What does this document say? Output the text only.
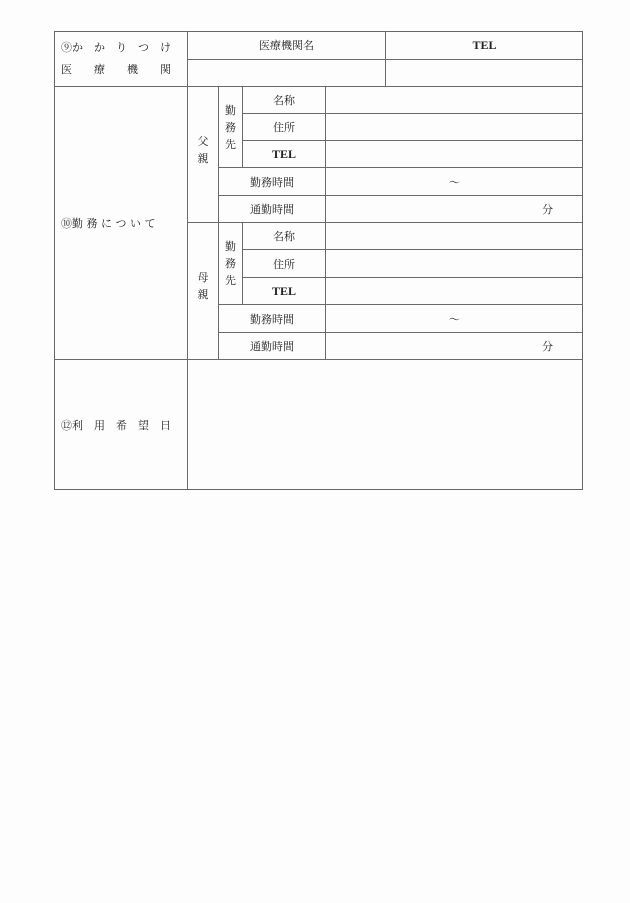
⑨か　か　り　つ　け
医　　療　　機　　関
医療機関名	TEL
⑩勤 務 に つ い て
父
親
勤
務
先
名称
住所
TEL
勤務時間
通勤時間
〜
分
母
親
勤
務
先
名称
住所
TEL
勤務時間
通勤時間
〜
分
⑫利　用　希　望　日
